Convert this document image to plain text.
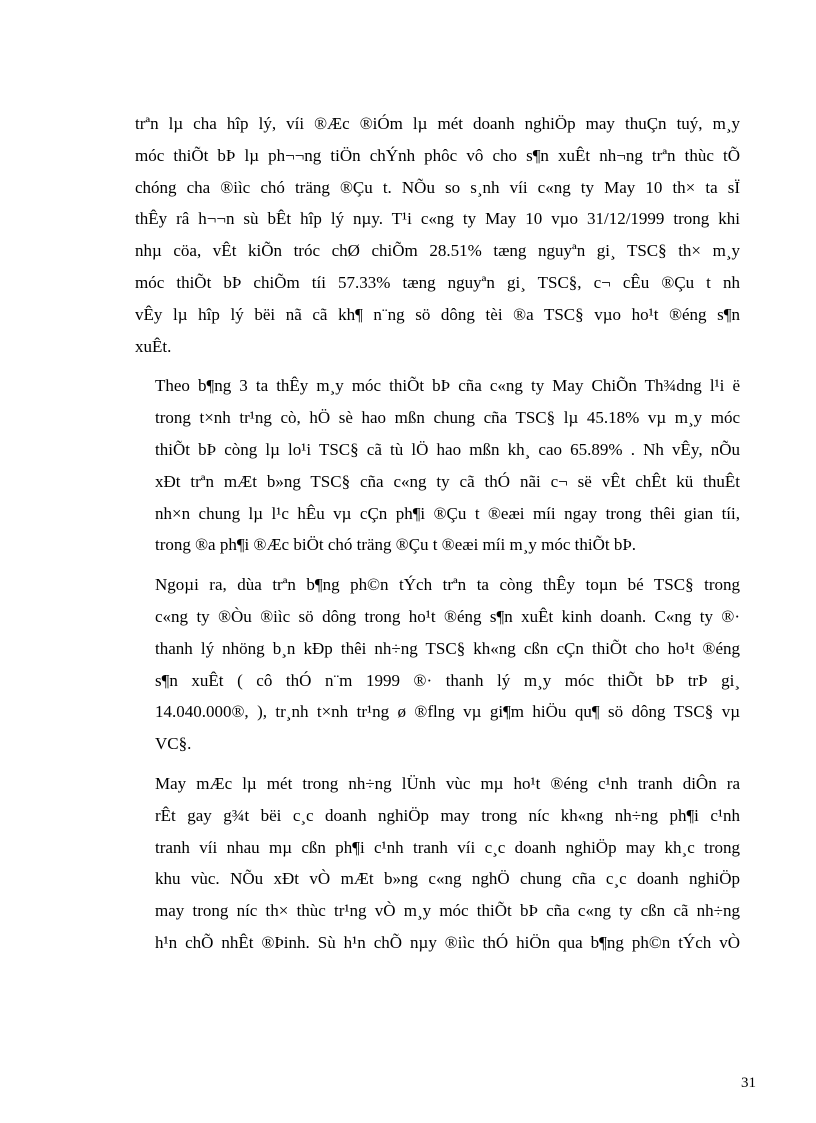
trªn lµ cha hîp lý, víi ®Æc ®iÓm lµ mét doanh nghiÖp may thuÇn tuý, m¸y
móc thiÕt bÞ lµ ph¬¬ng tiÖn chÝnh phôc vô cho s¶n xuÊt nh¬ng trªn thùc tÕ
chóng cha ®iìc chó träng ®Çu t. NÕu so s¸nh víi c«ng ty May 10 th× ta sÏ
thÊy râ h¬¬n sù bÊt hîp lý nµy. T¹i c«ng ty May 10 vµo 31/12/1999 trong khi
nhµ cöa, vÊt kiÕn tróc chØ chiÕm 28.51% tæng nguyªn gi¸ TSC§ th× m¸y
móc thiÕt bÞ chiÕm tíi 57.33% tæng nguyªn gi¸ TSC§, c¬ cÊu ®Çu t nh
vÊy lµ hîp lý bëi nã cã kh¶ n¨ng sö dông tèi ®a TSC§ vµo ho¹t ®éng s¶n
xuÊt.

Theo b¶ng 3 ta thÊy m¸y móc thiÕt bÞ cña c«ng ty May ChiÕn Th¾dng l¹i ë
trong t×nh tr¹ng cò, hÖ sè hao mßn chung cña TSC§ lµ 45.18% vµ m¸y móc
thiÕt bÞ còng lµ lo¹i TSC§ cã tù lÖ hao mßn kh¸ cao 65.89% . Nh vÊy, nÕu
xÐt trªn mÆt b»ng TSC§ cña c«ng ty cã thÓ nãi c¬ së vÊt chÊt kü thuÊt
nh×n chung lµ l¹c hÊu vµ cÇn ph¶i ®Çu t ®eæi míi ngay trong thêi gian tíi,
trong ®a ph¶i ®Æc biÖt chó träng ®Çu t ®eæi míi m¸y móc thiÕt bÞ.

Ngoµi ra, dùa trªn b¶ng ph©n tÝch trªn ta còng thÊy toµn bé TSC§ trong
c«ng ty ®Òu ®iìc sö dông trong ho¹t ®éng s¶n xuÊt kinh doanh. C«ng ty ®·
thanh lý nhöng b¸n kÐp thêi nh÷ng TSC§ kh«ng cßn cÇn thiÕt cho ho¹t ®éng
s¶n xuÊt ( cô thÓ n¨m 1999 ®· thanh lý m¸y móc thiÕt bÞ trÞ gi¸
14.040.000®, ), tr¸nh t×nh tr¹ng ø ®flng vµ gi¶m hiÖu qu¶ sö dông TSC§ vµ
VC§.

May mÆc lµ mét trong nh÷ng lÜnh vùc mµ ho¹t ®éng c¹nh tranh diÔn ra
rÊt gay g¾t bëi c¸c doanh nghiÖp may trong níc kh«ng nh÷ng ph¶i c¹nh
tranh víi nhau mµ cßn ph¶i c¹nh tranh víi c¸c doanh nghiÖp may kh¸c trong
khu vùc. NÕu xÐt vÒ mÆt b»ng c«ng nghÖ chung cña c¸c doanh nghiÖp
may trong níc th× thùc tr¹ng vÒ m¸y móc thiÕt bÞ cña c«ng ty cßn cã nh÷ng
h¹n chÕ nhÊt ®Þinh. Sù h¹n chÕ nµy ®iìc thÓ hiÖn qua b¶ng ph©n tÝch vÒ

31
